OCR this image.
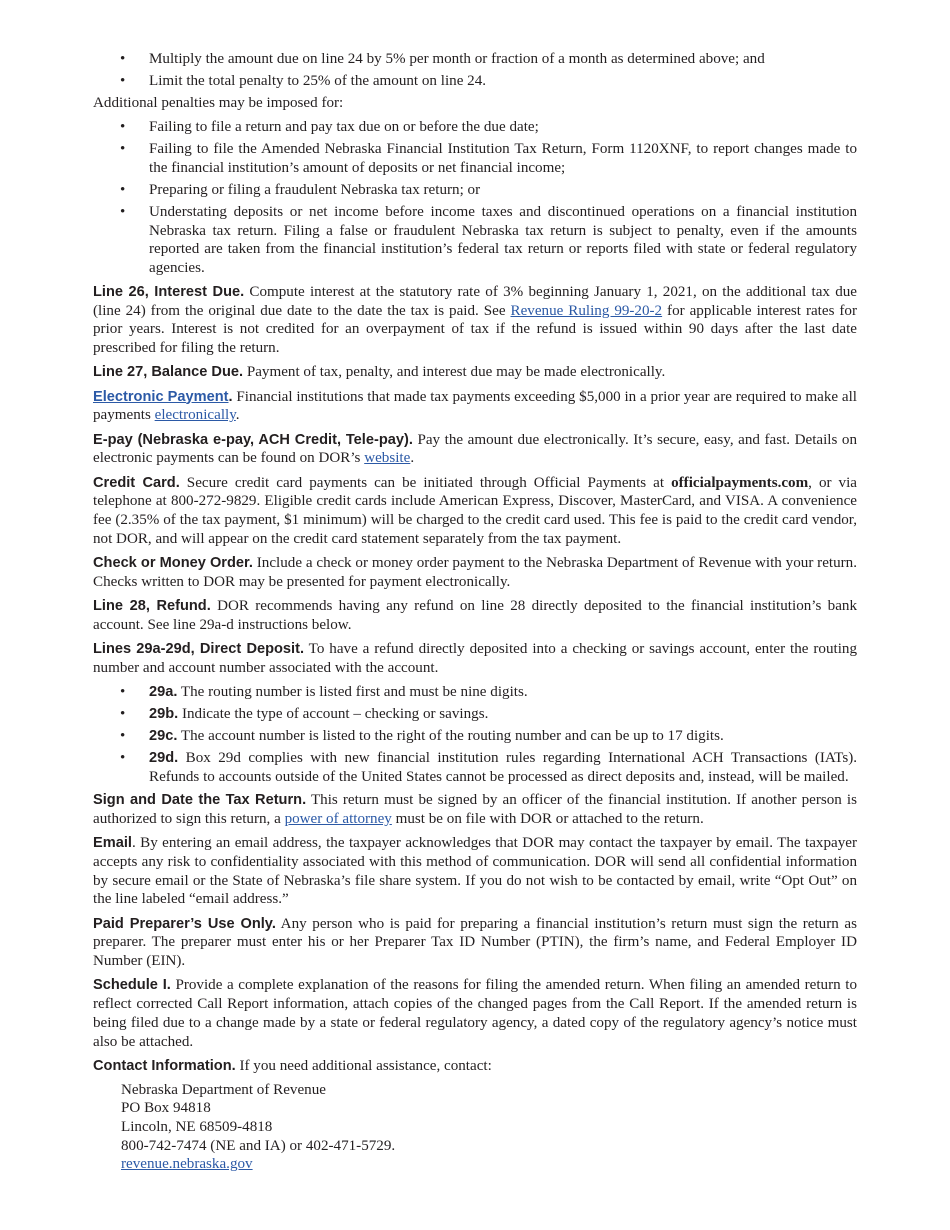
• Multiply the amount due on line 24 by 5% per month or fraction of a month as determined above; and
• Limit the total penalty to 25% of the amount on line 24.

Additional penalties may be imposed for:

• Failing to file a return and pay tax due on or before the due date;
• Failing to file the Amended Nebraska Financial Institution Tax Return, Form 1120XNF, to report changes made to the financial institution’s amount of deposits or net financial income;
• Preparing or filing a fraudulent Nebraska tax return; or
• Understating deposits or net income before income taxes and discontinued operations on a financial institution Nebraska tax return. Filing a false or fraudulent Nebraska tax return is subject to penalty, even if the amounts reported are taken from the financial institution’s federal tax return or reports filed with state or federal regulatory agencies.

Line 26, Interest Due. Compute interest at the statutory rate of 3% beginning January 1, 2021, on the additional tax due (line 24) from the original due date to the date the tax is paid. See Revenue Ruling 99-20-2 for applicable interest rates for prior years. Interest is not credited for an overpayment of tax if the refund is issued within 90 days after the last date prescribed for filing the return.

Line 27, Balance Due. Payment of tax, penalty, and interest due may be made electronically.

Electronic Payment. Financial institutions that made tax payments exceeding $5,000 in a prior year are required to make all payments electronically.

E-pay (Nebraska e-pay, ACH Credit, Tele-pay). Pay the amount due electronically. It’s secure, easy, and fast. Details on electronic payments can be found on DOR’s website.

Credit Card. Secure credit card payments can be initiated through Official Payments at officialpayments.com, or via telephone at 800-272-9829. Eligible credit cards include American Express, Discover, MasterCard, and VISA. A convenience fee (2.35% of the tax payment, $1 minimum) will be charged to the credit card used. This fee is paid to the credit card vendor, not DOR, and will appear on the credit card statement separately from the tax payment.

Check or Money Order. Include a check or money order payment to the Nebraska Department of Revenue with your return. Checks written to DOR may be presented for payment electronically.

Line 28, Refund. DOR recommends having any refund on line 28 directly deposited to the financial institution’s bank account. See line 29a-d instructions below.

Lines 29a-29d, Direct Deposit. To have a refund directly deposited into a checking or savings account, enter the routing number and account number associated with the account.

• 29a. The routing number is listed first and must be nine digits.
• 29b. Indicate the type of account – checking or savings.
• 29c. The account number is listed to the right of the routing number and can be up to 17 digits.
• 29d. Box 29d complies with new financial institution rules regarding International ACH Transactions (IATs). Refunds to accounts outside of the United States cannot be processed as direct deposits and, instead, will be mailed.

Sign and Date the Tax Return. This return must be signed by an officer of the financial institution. If another person is authorized to sign this return, a power of attorney must be on file with DOR or attached to the return.

Email. By entering an email address, the taxpayer acknowledges that DOR may contact the taxpayer by email. The taxpayer accepts any risk to confidentiality associated with this method of communication. DOR will send all confidential information by secure email or the State of Nebraska’s file share system. If you do not wish to be contacted by email, write “Opt Out” on the line labeled “email address.”

Paid Preparer’s Use Only. Any person who is paid for preparing a financial institution’s return must sign the return as preparer. The preparer must enter his or her Preparer Tax ID Number (PTIN), the firm’s name, and Federal Employer ID Number (EIN).

Schedule I. Provide a complete explanation of the reasons for filing the amended return. When filing an amended return to reflect corrected Call Report information, attach copies of the changed pages from the Call Report. If the amended return is being filed due to a change made by a state or federal regulatory agency, a dated copy of the regulatory agency’s notice must also be attached.

Contact Information. If you need additional assistance, contact:

Nebraska Department of Revenue
PO Box 94818
Lincoln, NE 68509-4818
800-742-7474 (NE and IA) or 402-471-5729.
revenue.nebraska.gov
